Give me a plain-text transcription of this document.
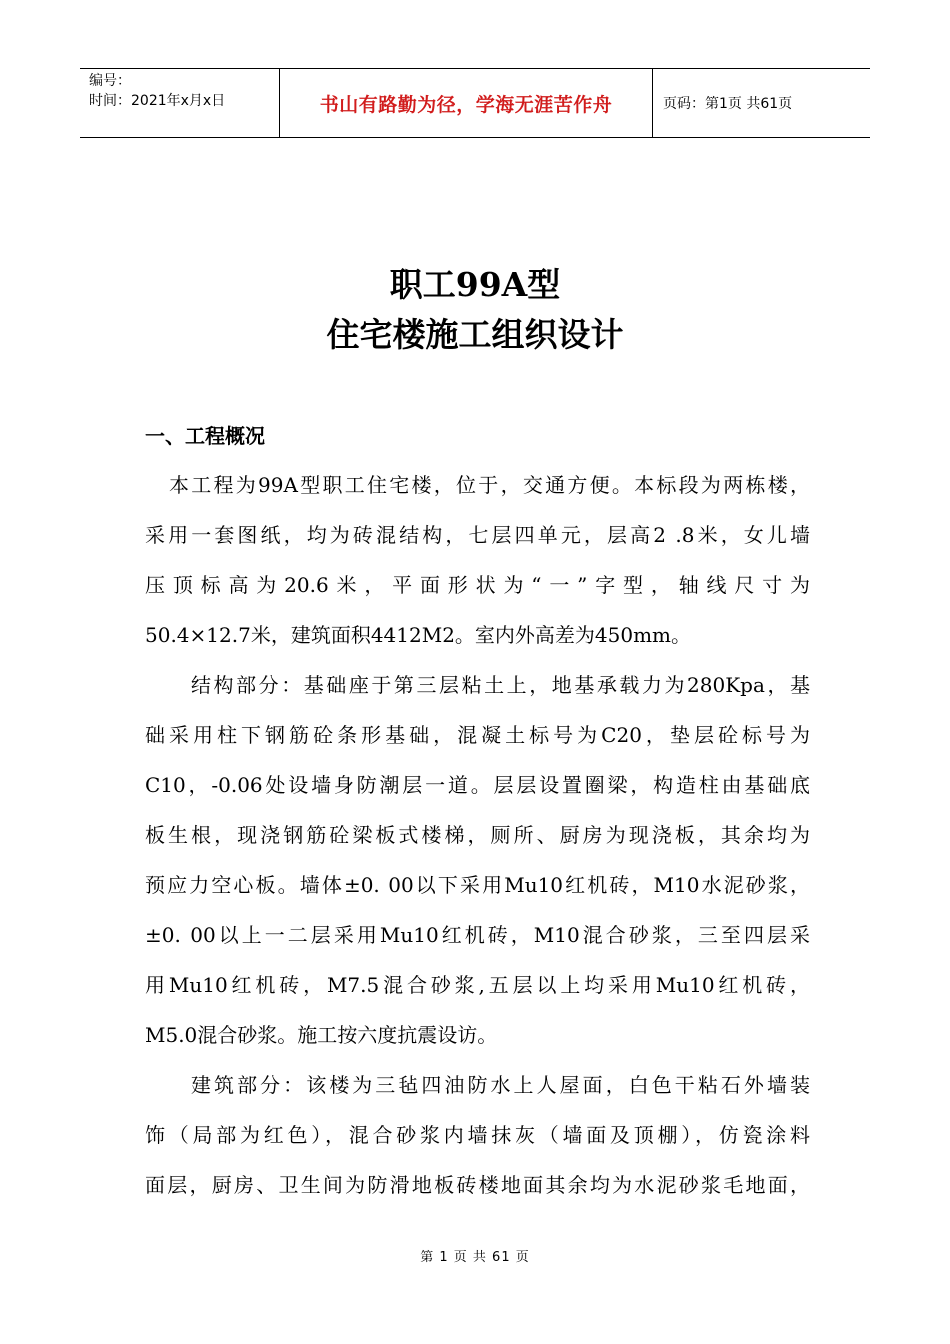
编号：
时间：2021年x月x日	书山有路勤为径，学海无涯苦作舟	页码：第1页 共61页
职工99A型
住宅楼施工组织设计
一、工程概况
本工程为99A型职工住宅楼，位于，交通方便。本标段为两栋楼，
采用一套图纸，均为砖混结构，七层四单元，层高2 .8米，女儿墙
压顶标高为20.6米，平面形状为“一”字型，轴线尺寸为
50.4×12.7米，建筑面积4412M2。室内外高差为450mm。
结构部分：基础座于第三层粘土上，地基承载力为280Kpa，基
础采用柱下钢筋砼条形基础，混凝土标号为C20，垫层砼标号为
C10，-0.06处设墙身防潮层一道。层层设置圈梁，构造柱由基础底
板生根，现浇钢筋砼梁板式楼梯，厕所、厨房为现浇板，其余均为
预应力空心板。墙体±0. 00以下采用Mu10红机砖，M10水泥砂浆，
±0. 00以上一二层采用Mu10红机砖，M10混合砂浆，三至四层采
用Mu10红机砖，M7.5混合砂浆,五层以上均采用Mu10红机砖，
M5.0混合砂浆。施工按六度抗震设访。
建筑部分：该楼为三毡四油防水上人屋面，白色干粘石外墙装
饰（局部为红色），混合砂浆内墙抹灰（墙面及顶棚），仿瓷涂料
面层，厨房、卫生间为防滑地板砖楼地面其余均为水泥砂浆毛地面，
第 1 页 共 61 页
